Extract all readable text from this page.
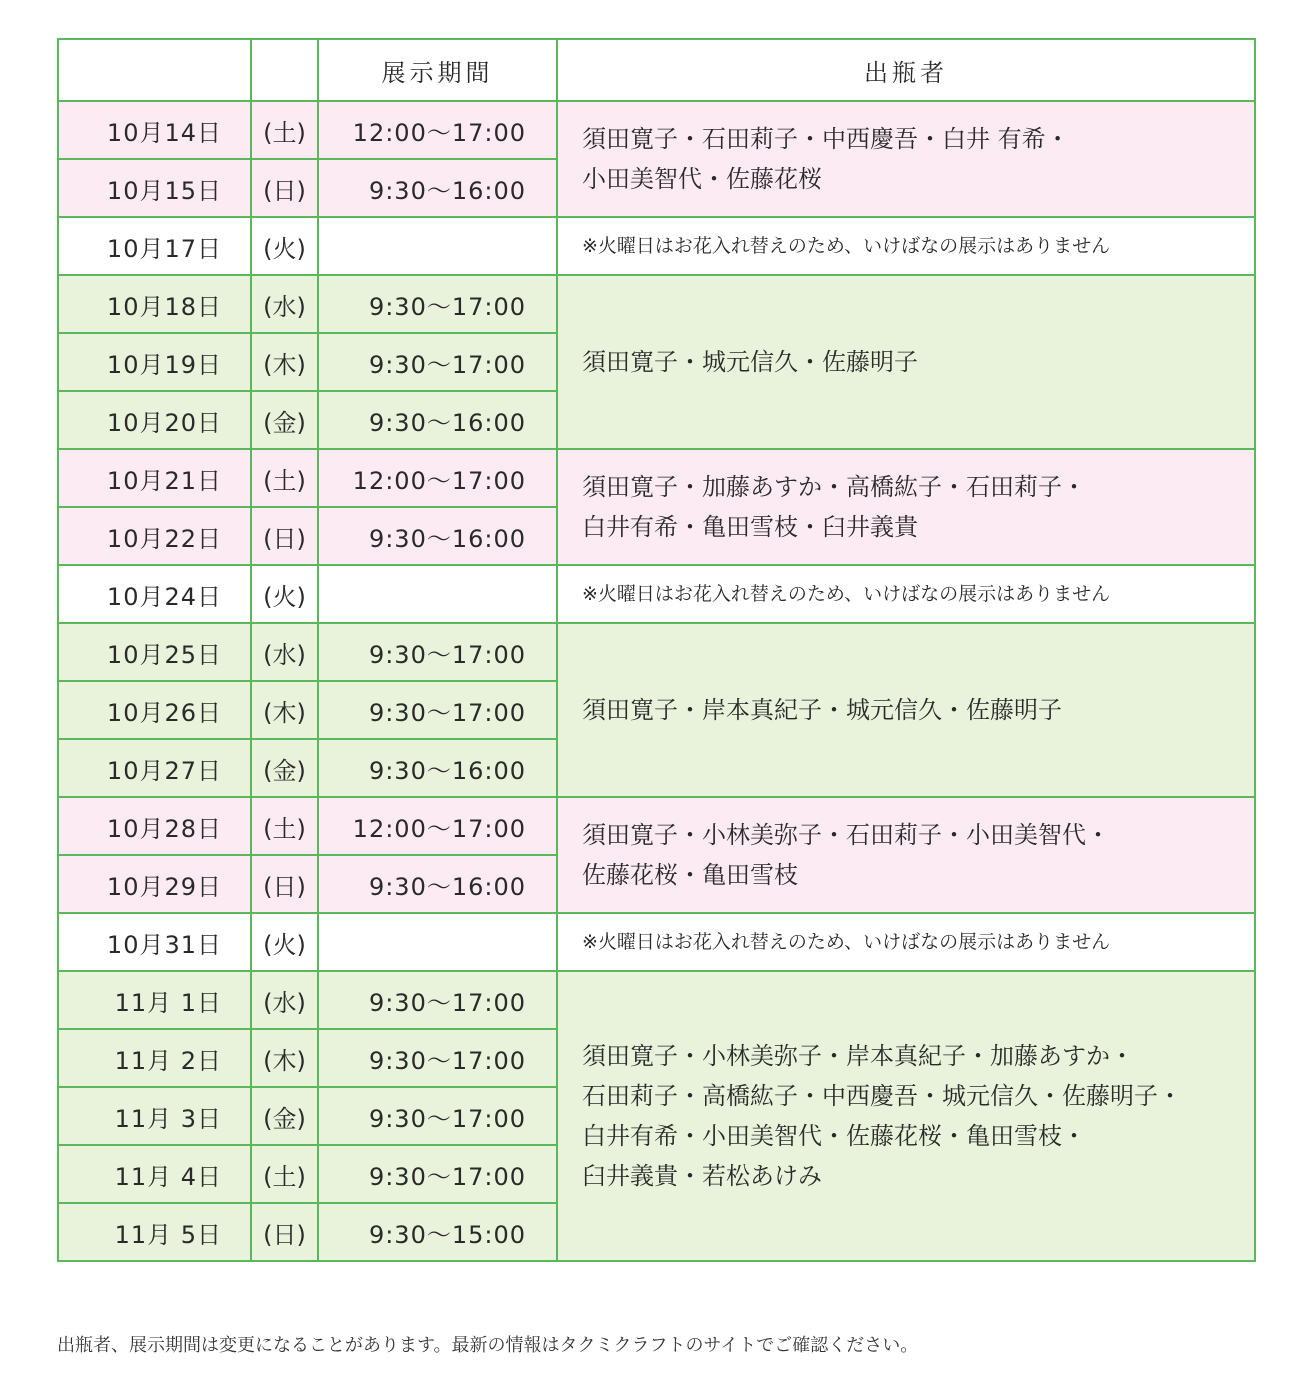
		展示期間	出瓶者
10月14日	(土)	12:00〜17:00	須田寛子・石田莉子・中西慶吾・白井 有希・
小田美智代・佐藤花桜
10月15日	(日)	9:30〜16:00	
10月17日	(火)		※火曜日はお花入れ替えのため、いけばなの展示はありません
10月18日	(水)	9:30〜17:00	須田寛子・城元信久・佐藤明子
10月19日	(木)	9:30〜17:00	
10月20日	(金)	9:30〜16:00	
10月21日	(土)	12:00〜17:00	須田寛子・加藤あすか・高橋紘子・石田莉子・
白井有希・亀田雪枝・臼井義貴
10月22日	(日)	9:30〜16:00	
10月24日	(火)		※火曜日はお花入れ替えのため、いけばなの展示はありません
10月25日	(水)	9:30〜17:00	須田寛子・岸本真紀子・城元信久・佐藤明子
10月26日	(木)	9:30〜17:00	
10月27日	(金)	9:30〜16:00	
10月28日	(土)	12:00〜17:00	須田寛子・小林美弥子・石田莉子・小田美智代・
佐藤花桜・亀田雪枝
10月29日	(日)	9:30〜16:00	
10月31日	(火)		※火曜日はお花入れ替えのため、いけばなの展示はありません
11月 1日	(水)	9:30〜17:00	須田寛子・小林美弥子・岸本真紀子・加藤あすか・
石田莉子・高橋紘子・中西慶吾・城元信久・佐藤明子・
白井有希・小田美智代・佐藤花桜・亀田雪枝・
臼井義貴・若松あけみ
11月 2日	(木)	9:30〜17:00	
11月 3日	(金)	9:30〜17:00	
11月 4日	(土)	9:30〜17:00	
11月 5日	(日)	9:30〜15:00	
出瓶者、展示期間は変更になることがあります。最新の情報はタクミクラフトのサイトでご確認ください。
